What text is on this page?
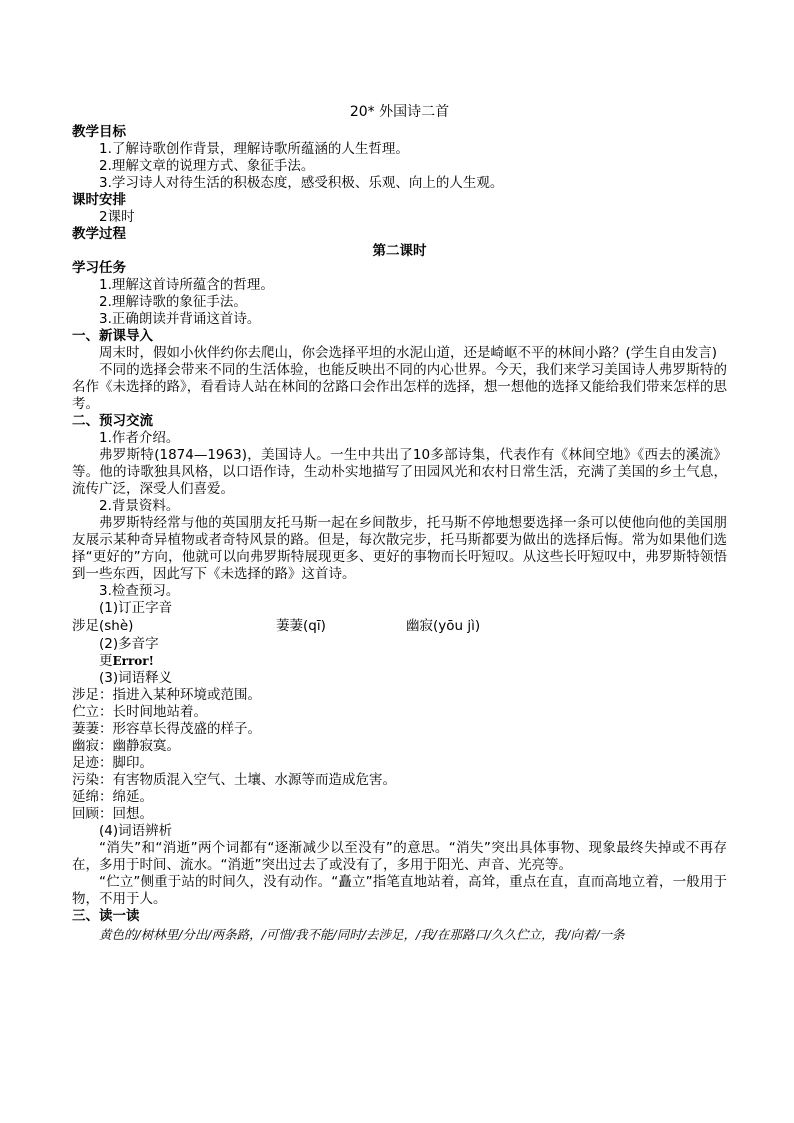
20* 外国诗二首
教学目标
1.了解诗歌创作背景，理解诗歌所蕴涵的人生哲理。
2.理解文章的说理方式、象征手法。
3.学习诗人对待生活的积极态度，感受积极、乐观、向上的人生观。
课时安排
2课时
教学过程
第二课时
学习任务
1.理解这首诗所蕴含的哲理。
2.理解诗歌的象征手法。
3.正确朗读并背诵这首诗。
一、新课导入
周末时，假如小伙伴约你去爬山，你会选择平坦的水泥山道，还是崎岖不平的林间小路？(学生自由发言)
不同的选择会带来不同的生活体验，也能反映出不同的内心世界。今天，我们来学习美国诗人弗罗斯特的名作《未选择的路》，看看诗人站在林间的岔路口会作出怎样的选择，想一想他的选择又能给我们带来怎样的思考。
二、预习交流
1.作者介绍。
弗罗斯特(1874—1963)，美国诗人。一生中共出了10多部诗集，代表作有《林间空地》《西去的溪流》等。他的诗歌独具风格，以口语作诗，生动朴实地描写了田园风光和农村日常生活，充满了美国的乡土气息，流传广泛，深受人们喜爱。
2.背景资料。
弗罗斯特经常与他的英国朋友托马斯一起在乡间散步，托马斯不停地想要选择一条可以使他向他的美国朋友展示某种奇异植物或者奇特风景的路。但是，每次散完步，托马斯都要为做出的选择后悔。常为如果他们选择“更好的”方向，他就可以向弗罗斯特展现更多、更好的事物而长吁短叹。从这些长吁短叹中，弗罗斯特领悟到一些东西，因此写下《未选择的路》这首诗。
3.检查预习。
(1)订正字音
涉足(shè)	萋萋(qī)	幽寂(yōu jì)
(2)多音字
更Error!
(3)词语释义
涉足：指进入某种环境或范围。
伫立：长时间地站着。
萋萋：形容草长得茂盛的样子。
幽寂：幽静寂寞。
足迹：脚印。
污染：有害物质混入空气、土壤、水源等而造成危害。
延绵：绵延。
回顾：回想。
(4)词语辨析
“消失”和“消逝”两个词都有“逐渐减少以至没有”的意思。“消失”突出具体事物、现象最终失掉或不再存在，多用于时间、流水。“消逝”突出过去了或没有了，多用于阳光、声音、光亮等。
“伫立”侧重于站的时间久，没有动作。“矗立”指笔直地站着，高耸，重点在直，直而高地立着，一般用于物，不用于人。
三、读一读
黄色的/树林里/分出/两条路，/可惜/我不能/同时/去涉足，/我/在那路口/久久伫立，我/向着/一条
